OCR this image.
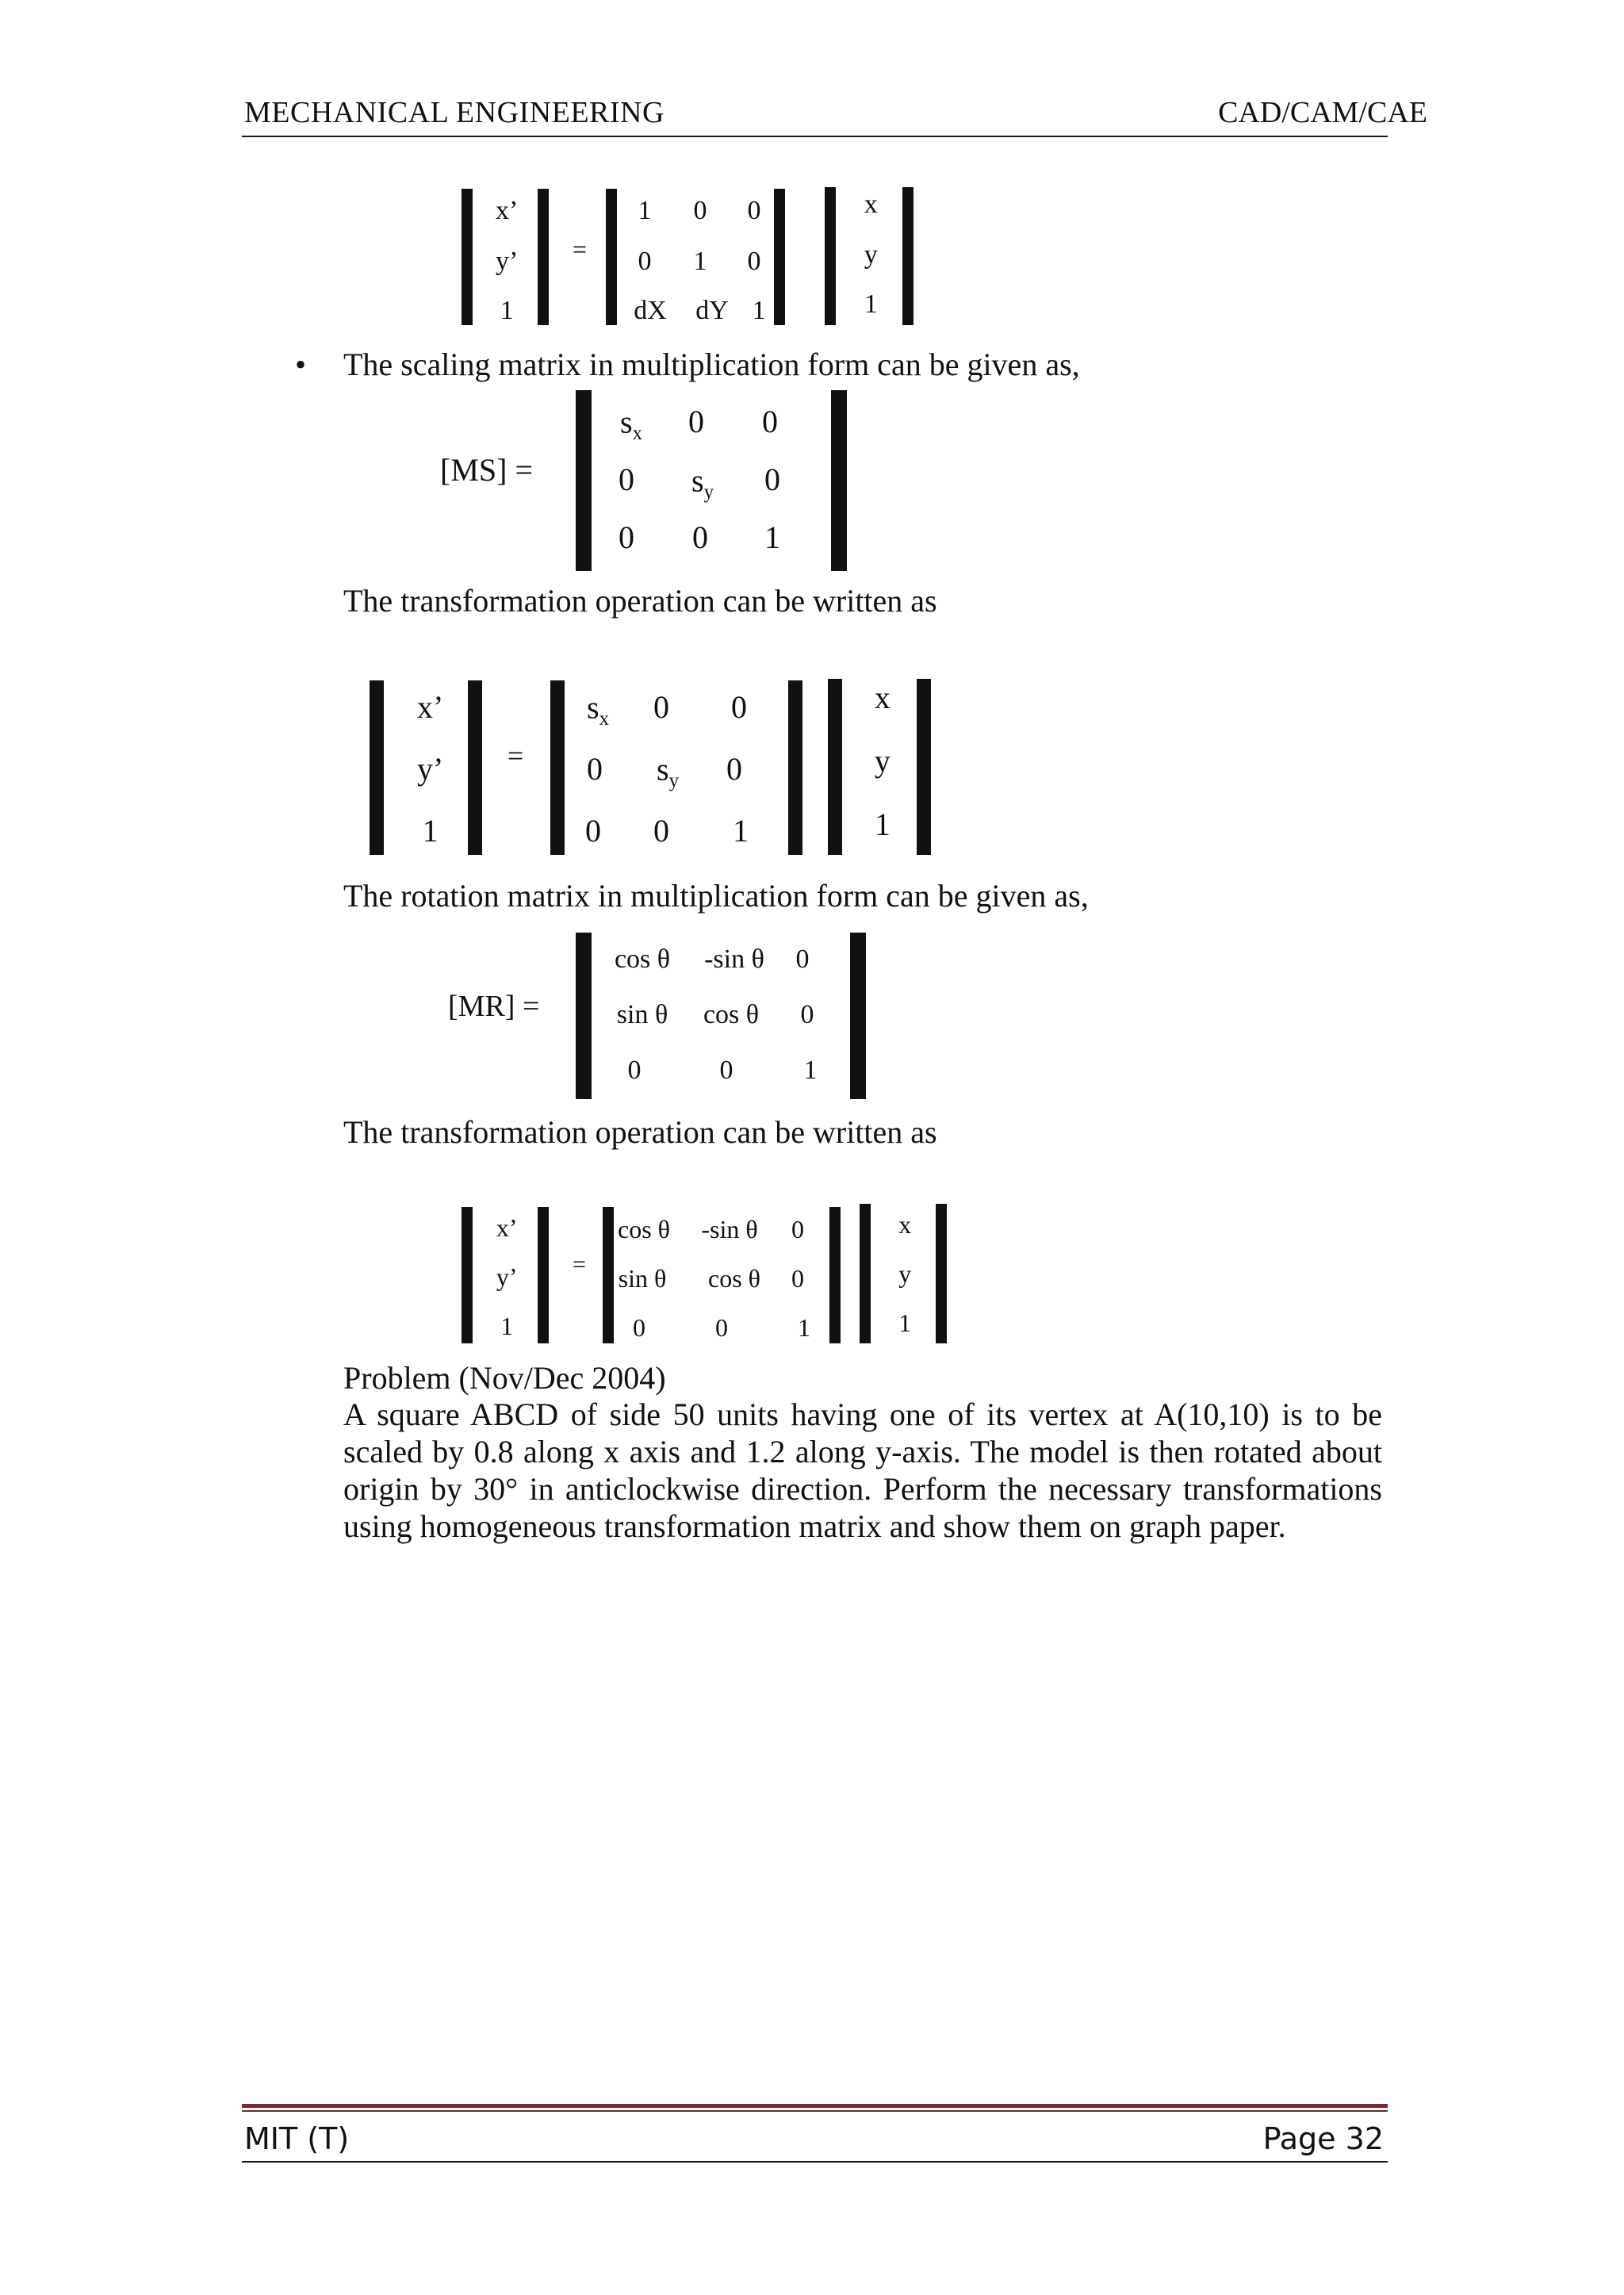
MECHANICAL ENGINEERING	CAD/CAM/CAE
x’
y’
1
=
1 0 0
0 1 0
dX dY 1
x
y
1
• The scaling matrix in multiplication form can be given as,
[MS] =
$s_x$ 0 0
0 $s_y$ 0
0 0 1
The transformation operation can be written as
x’
y’
1
=
$s_x$ 0 0
0 $s_y$ 0
0 0 1
x
y
1
The rotation matrix in multiplication form can be given as,
[MR] =
cos θ -sin θ 0
sin θ cos θ 0
0	0	1
The transformation operation can be written as
x’
y’
1
=
cos θ -sin θ 0
sin θ cos θ 0
0	0	1
x
y
1
Problem (Nov/Dec 2004)
A square ABCD of side 50 units having one of its vertex at A(10,10) is to be scaled by 0.8 along x axis and 1.2 along y-axis. The model is then rotated about origin by 30° in anticlockwise direction. Perform the necessary transformations using homogeneous transformation matrix and show them on graph paper.
MIT (T)	Page 32
